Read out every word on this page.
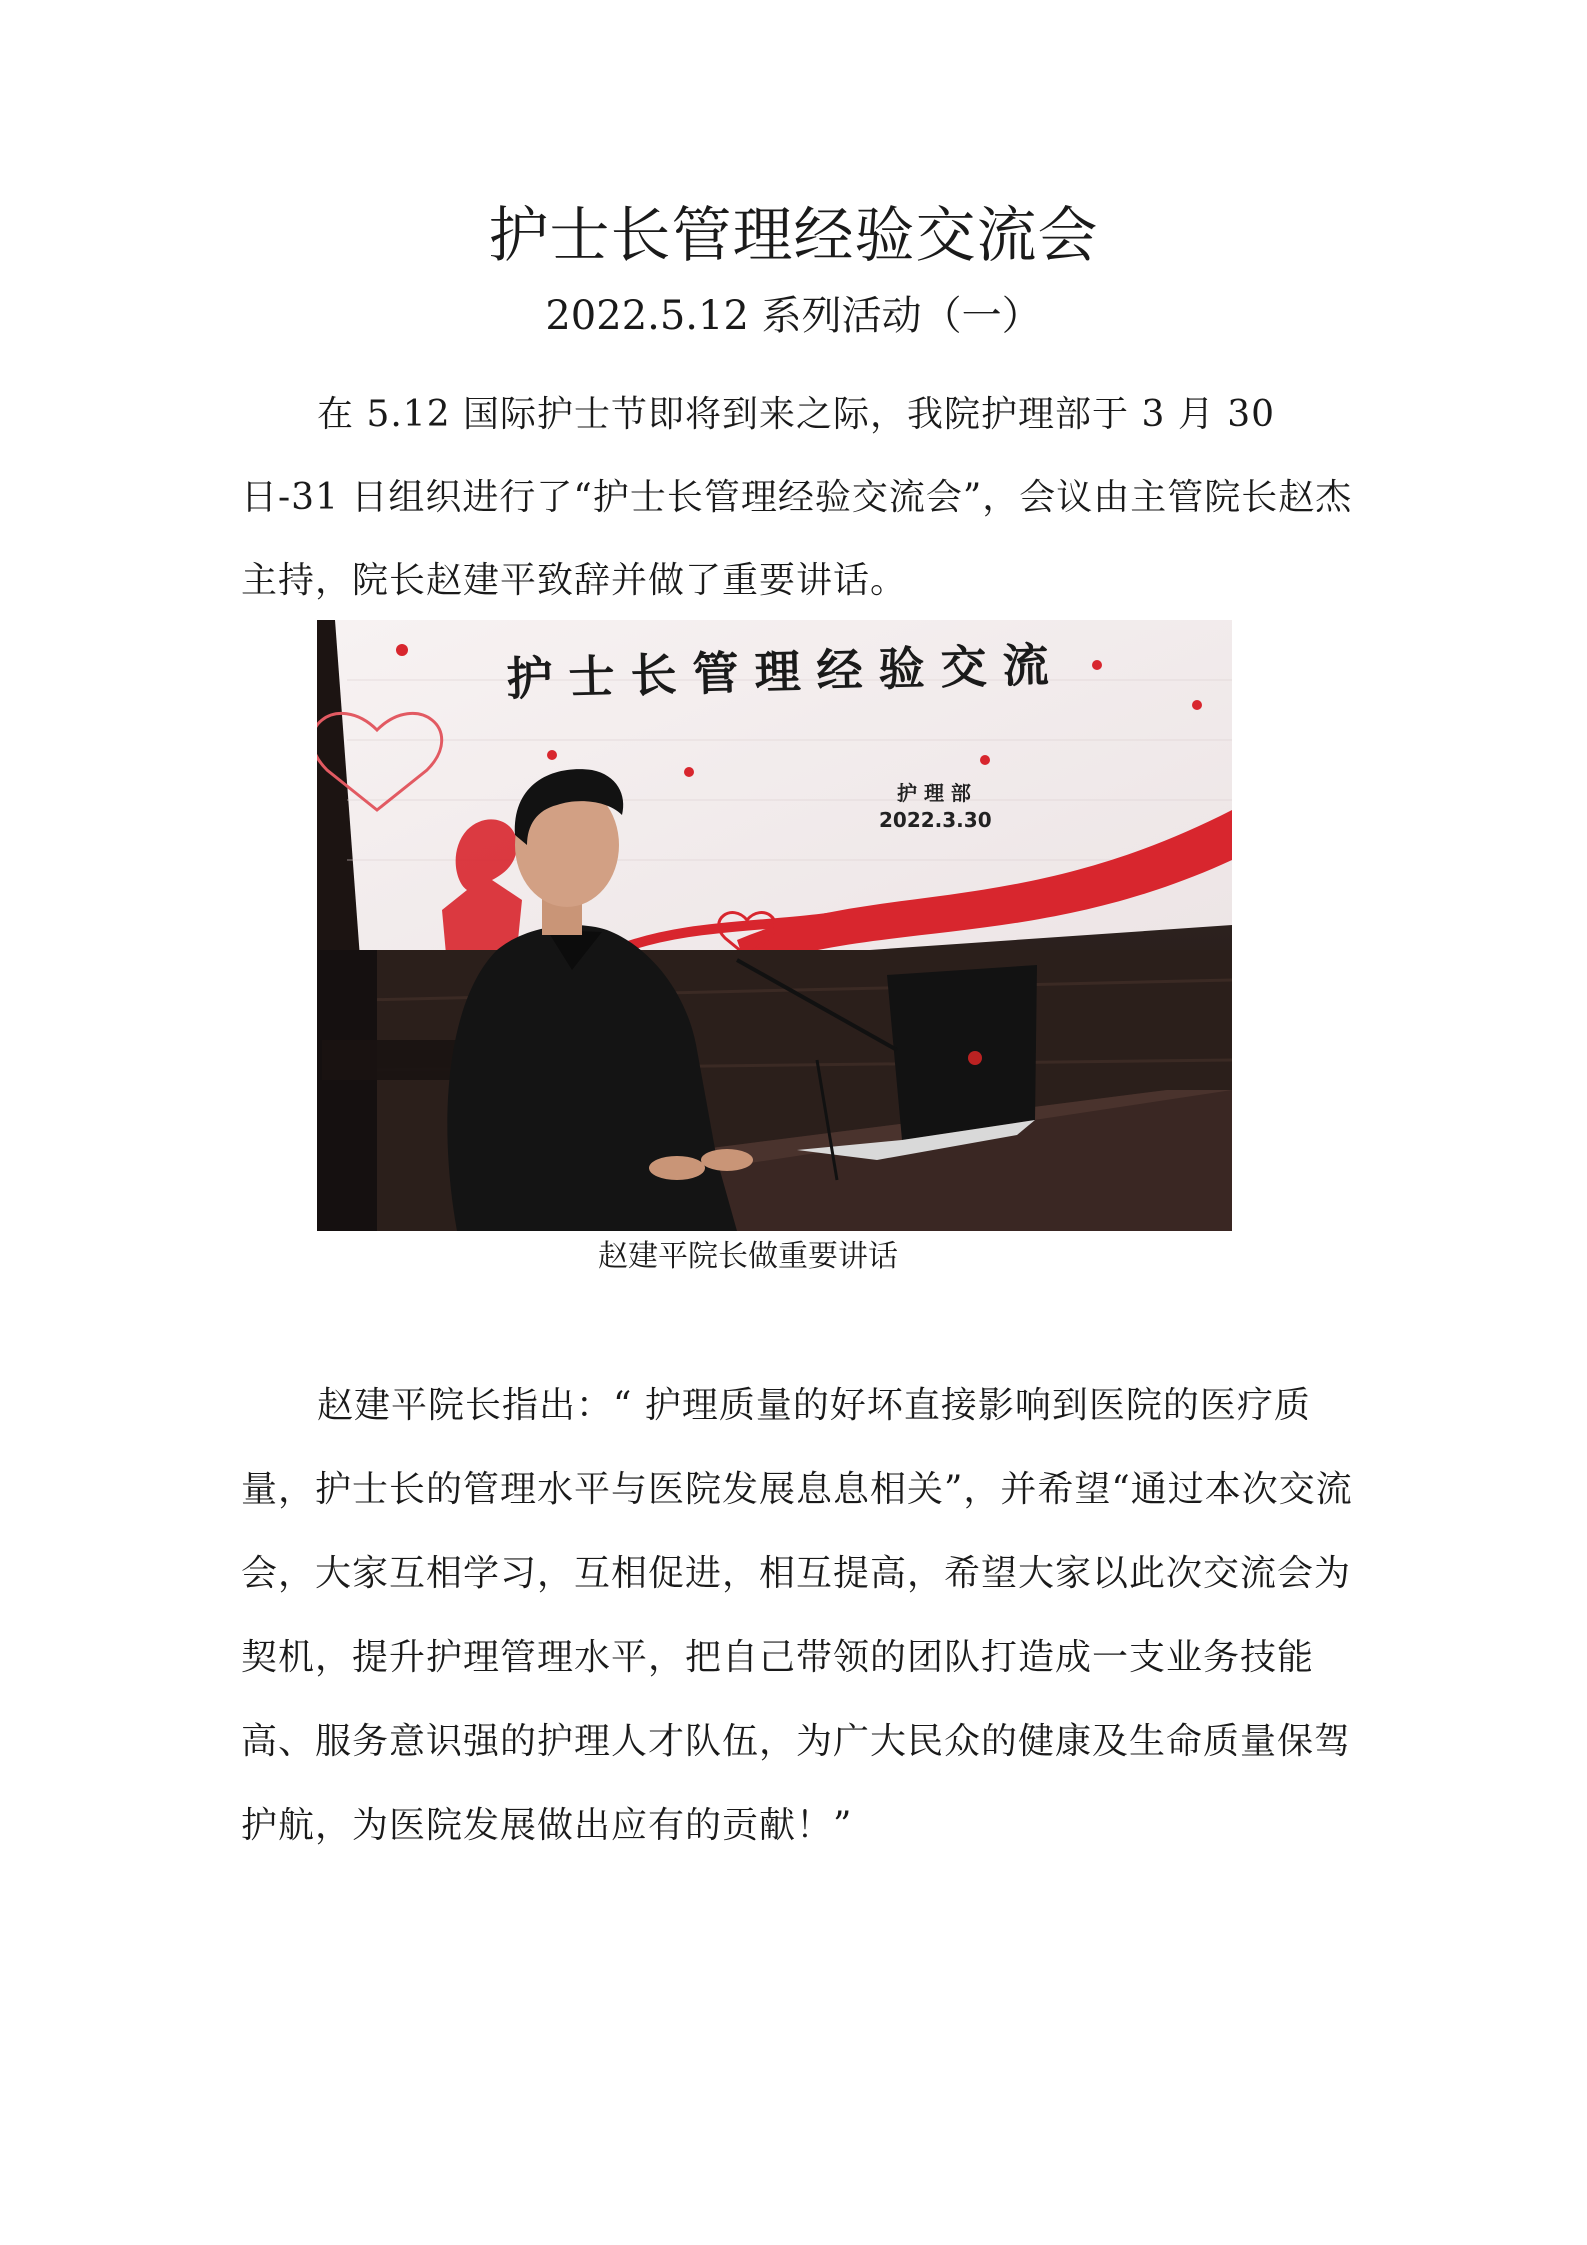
护士长管理经验交流会
2022.5.12 系列活动（一）

在 5.12 国际护士节即将到来之际，我院护理部于 3 月 30 日-31 日组织进行了“护士长管理经验交流会”，会议由主管院长赵杰主持，院长赵建平致辞并做了重要讲话。

护 士 长 管 理 经 验 交 流
护 理 部
2022.3.30
赵建平院长做重要讲话

赵建平院长指出：“ 护理质量的好坏直接影响到医院的医疗质量，护士长的管理水平与医院发展息息相关”，并希望“通过本次交流会，大家互相学习，互相促进，相互提高，希望大家以此次交流会为契机，提升护理管理水平，把自己带领的团队打造成一支业务技能高、服务意识强的护理人才队伍，为广大民众的健康及生命质量保驾护航，为医院发展做出应有的贡献！”
